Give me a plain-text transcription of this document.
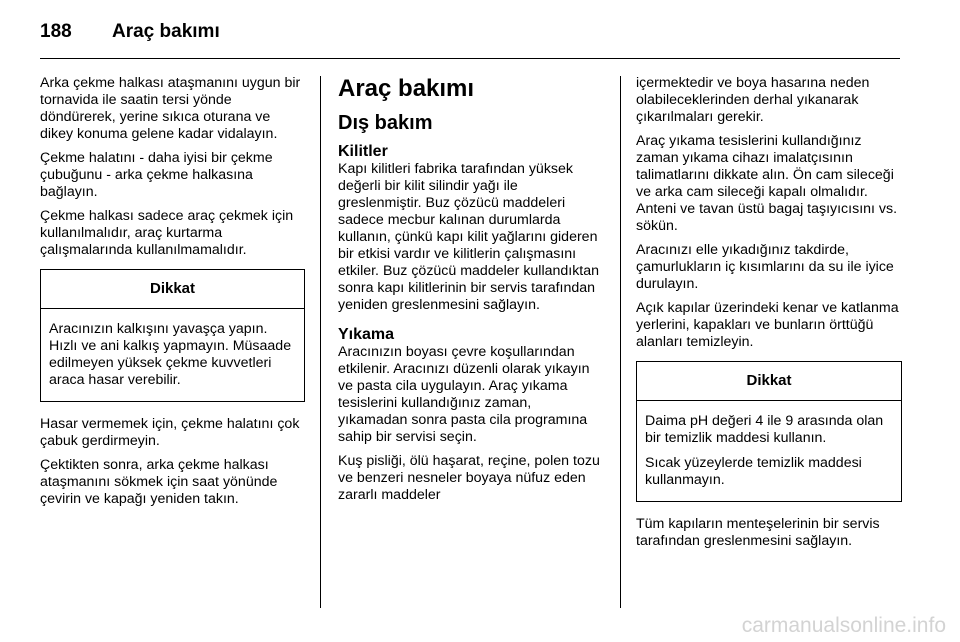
188	Araç bakımı

Arka çekme halkası ataşmanını uygun bir tornavida ile saatin tersi yönde döndürerek, yerine sıkıca oturana ve dikey konuma gelene kadar vidalayın.

Çekme halatını - daha iyisi bir çekme çubuğunu - arka çekme halkasına bağlayın.

Çekme halkası sadece araç çekmek için kullanılmalıdır, araç kurtarma çalışmalarında kullanılmamalıdır.

Dikkat

Aracınızın kalkışını yavaşça yapın. Hızlı ve ani kalkış yapmayın. Müsaade edilmeyen yüksek çekme kuvvetleri araca hasar verebilir.

Hasar vermemek için, çekme halatını çok çabuk gerdirmeyin.

Çektikten sonra, arka çekme halkası ataşmanını sökmek için saat yönünde çevirin ve kapağı yeniden takın.

Araç bakımı
Dış bakım
Kilitler

Kapı kilitleri fabrika tarafından yüksek değerli bir kilit silindir yağı ile greslenmiştir. Buz çözücü maddeleri sadece mecbur kalınan durumlarda kullanın, çünkü kapı kilit yağlarını gideren bir etkisi vardır ve kilitlerin çalışmasını etkiler. Buz çözücü maddeler kullandıktan sonra kapı kilitlerinin bir servis tarafından yeniden greslenmesini sağlayın.

Yıkama

Aracınızın boyası çevre koşullarından etkilenir. Aracınızı düzenli olarak yıkayın ve pasta cila uygulayın. Araç yıkama tesislerini kullandığınız zaman, yıkamadan sonra pasta cila programına sahip bir servisi seçin.

Kuş pisliği, ölü haşarat, reçine, polen tozu ve benzeri nesneler boyaya nüfuz eden zararlı maddeler

içermektedir ve boya hasarına neden olabileceklerinden derhal yıkanarak çıkarılmaları gerekir.

Araç yıkama tesislerini kullandığınız zaman yıkama cihazı imalatçısının talimatlarını dikkate alın. Ön cam sileceği ve arka cam sileceği kapalı olmalıdır. Anteni ve tavan üstü bagaj taşıyıcısını vs. sökün.

Aracınızı elle yıkadığınız takdirde, çamurlukların iç kısımlarını da su ile iyice durulayın.

Açık kapılar üzerindeki kenar ve katlanma yerlerini, kapakları ve bunların örttüğü alanları temizleyin.

Dikkat

Daima pH değeri 4 ile 9 arasında olan bir temizlik maddesi kullanın.

Sıcak yüzeylerde temizlik maddesi kullanmayın.

Tüm kapıların menteşelerinin bir servis tarafından greslenmesini sağlayın.

carmanualsonline.info
